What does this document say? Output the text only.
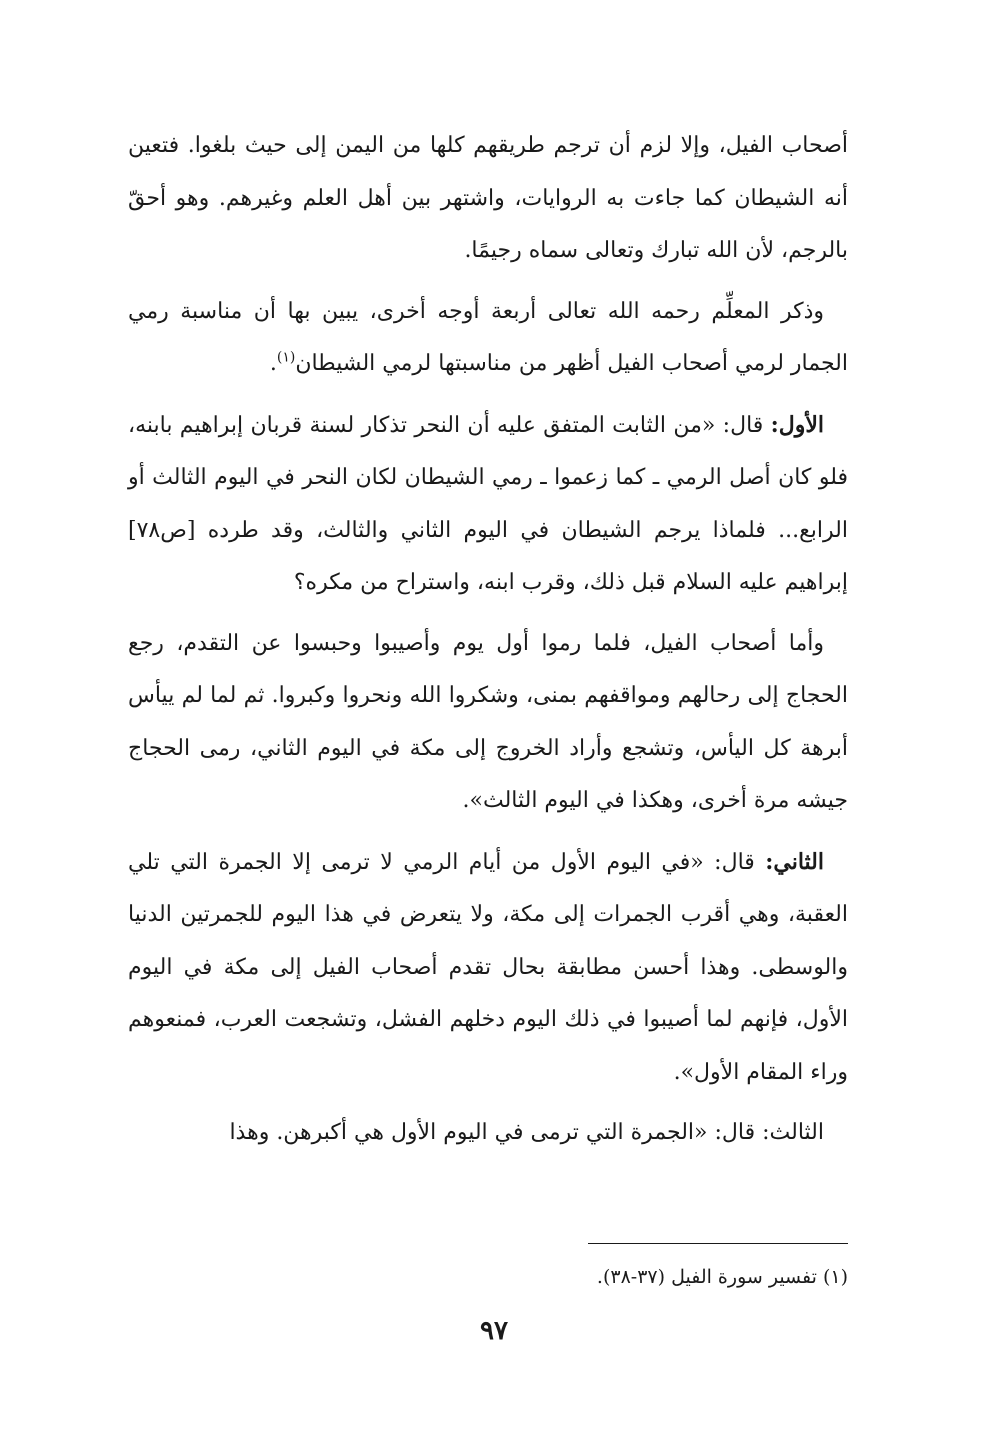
أصحاب الفيل، وإلا لزم أن ترجم طريقهم كلها من اليمن إلى حيث بلغوا. فتعين أنه الشيطان كما جاءت به الروايات، واشتهر بين أهل العلم وغيرهم. وهو أحقّ بالرجم، لأن الله تبارك وتعالى سماه رجيمًا.

وذكر المعلِّم رحمه الله تعالى أربعة أوجه أخرى، يبين بها أن مناسبة رمي الجمار لرمي أصحاب الفيل أظهر من مناسبتها لرمي الشيطان$^{(١)}$.

الأول: قال: «من الثابت المتفق عليه أن النحر تذكار لسنة قربان إبراهيم بابنه، فلو كان أصل الرمي ـ كما زعموا ـ رمي الشيطان لكان النحر في اليوم الثالث أو الرابع... فلماذا يرجم الشيطان في اليوم الثاني والثالث، وقد طرده [ص٧٨] إبراهيم عليه السلام قبل ذلك، وقرب ابنه، واستراح من مكره؟

وأما أصحاب الفيل، فلما رموا أول يوم وأصيبوا وحبسوا عن التقدم، رجع الحجاج إلى رحالهم ومواقفهم بمنى، وشكروا الله ونحروا وكبروا. ثم لما لم ييأس أبرهة كل اليأس، وتشجع وأراد الخروج إلى مكة في اليوم الثاني، رمى الحجاج جيشه مرة أخرى، وهكذا في اليوم الثالث».

الثاني: قال: «في اليوم الأول من أيام الرمي لا ترمى إلا الجمرة التي تلي العقبة، وهي أقرب الجمرات إلى مكة، ولا يتعرض في هذا اليوم للجمرتين الدنيا والوسطى. وهذا أحسن مطابقة بحال تقدم أصحاب الفيل إلى مكة في اليوم الأول، فإنهم لما أصيبوا في ذلك اليوم دخلهم الفشل، وتشجعت العرب، فمنعوهم وراء المقام الأول».

الثالث: قال: «الجمرة التي ترمى في اليوم الأول هي أكبرهن. وهذا

(١) تفسير سورة الفيل (٣٧-٣٨).
٩٧
